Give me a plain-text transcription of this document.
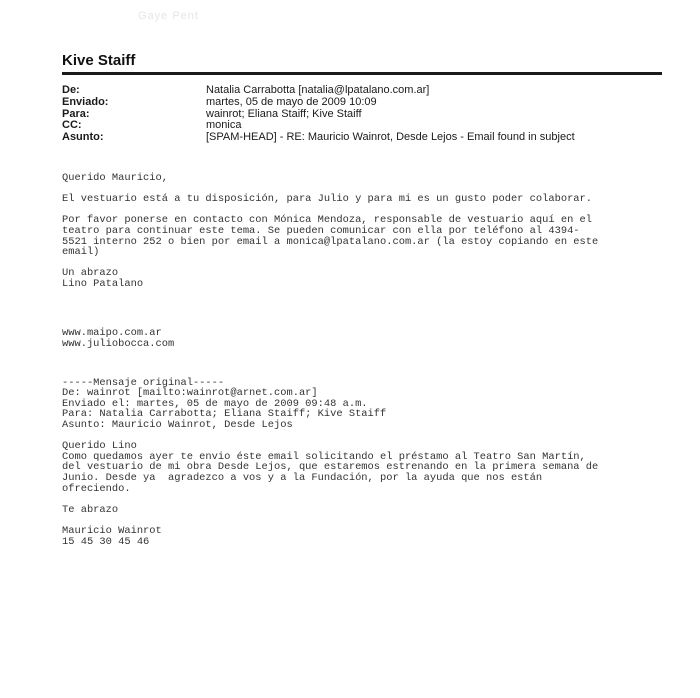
Gaye Pent
Kive Staiff
De:	Natalia Carrabotta [natalia@lpatalano.com.ar]
Enviado:	martes, 05 de mayo de 2009 10:09
Para:	wainrot; Eliana Staiff; Kive Staiff
CC:	monica
Asunto:	[SPAM-HEAD] - RE: Mauricio Wainrot, Desde Lejos - Email found in subject
Querido Mauricio,
El vestuario está a tu disposición, para Julio y para mi es un gusto poder colaborar.
Por favor ponerse en contacto con Mónica Mendoza, responsable de vestuario aquí en el
teatro para continuar este tema. Se pueden comunicar con ella por teléfono al 4394-
5521 interno 252 o bien por email a monica@lpatalano.com.ar (la estoy copiando en este
email)
Un abrazo
Lino Patalano
www.maipo.com.ar
www.juliobocca.com
-----Mensaje original-----
De: wainrot [mailto:wainrot@arnet.com.ar]
Enviado el: martes, 05 de mayo de 2009 09:48 a.m.
Para: Natalia Carrabotta; Eliana Staiff; Kive Staiff
Asunto: Mauricio Wainrot, Desde Lejos
Querido Lino
Como quedamos ayer te envio éste email solicitando el préstamo al Teatro San Martín,
del vestuario de mi obra Desde Lejos, que estaremos estrenando en la primera semana de
Junio. Desde ya  agradezco a vos y a la Fundación, por la ayuda que nos están
ofreciendo.
Te abrazo
Mauricio Wainrot
15 45 30 45 46
